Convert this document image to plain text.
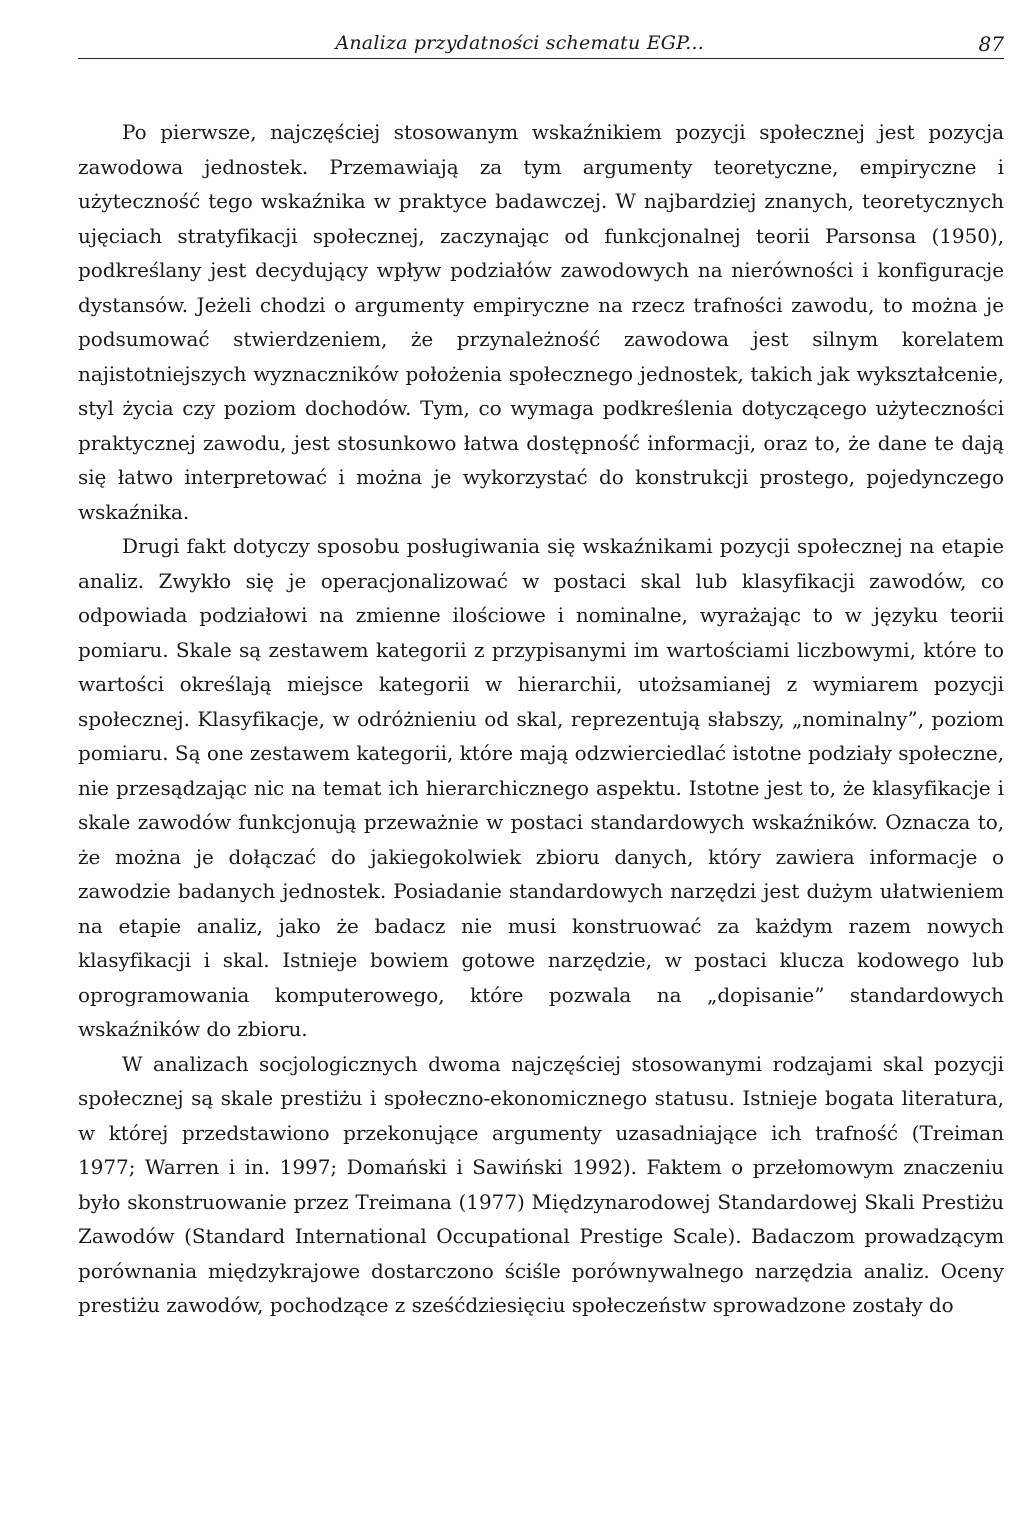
Analiza przydatności schematu EGP...	87

Po pierwsze, najczęściej stosowanym wskaźnikiem pozycji społecznej jest pozycja zawodowa jednostek. Przemawiają za tym argumenty teoretyczne, empiryczne i użyteczność tego wskaźnika w praktyce badawczej. W najbardziej znanych, teoretycznych ujęciach stratyfikacji społecznej, zaczynając od funkcjonalnej teorii Parsonsa (1950), podkreślany jest decydujący wpływ podziałów zawodowych na nierówności i konfiguracje dystansów. Jeżeli chodzi o argumenty empiryczne na rzecz trafności zawodu, to można je podsumować stwierdzeniem, że przynależność zawodowa jest silnym korelatem najistotniejszych wyznaczników położenia społecznego jednostek, takich jak wykształcenie, styl życia czy poziom dochodów. Tym, co wymaga podkreślenia dotyczącego użyteczności praktycznej zawodu, jest stosunkowo łatwa dostępność informacji, oraz to, że dane te dają się łatwo interpretować i można je wykorzystać do konstrukcji prostego, pojedynczego wskaźnika.

Drugi fakt dotyczy sposobu posługiwania się wskaźnikami pozycji społecznej na etapie analiz. Zwykło się je operacjonalizować w postaci skal lub klasyfikacji zawodów, co odpowiada podziałowi na zmienne ilościowe i nominalne, wyrażając to w języku teorii pomiaru. Skale są zestawem kategorii z przypisanymi im wartościami liczbowymi, które to wartości określają miejsce kategorii w hierarchii, utożsamianej z wymiarem pozycji społecznej. Klasyfikacje, w odróżnieniu od skal, reprezentują słabszy, „nominalny”, poziom pomiaru. Są one zestawem kategorii, które mają odzwierciedlać istotne podziały społeczne, nie przesądzając nic na temat ich hierarchicznego aspektu. Istotne jest to, że klasyfikacje i skale zawodów funkcjonują przeważnie w postaci standardowych wskaźników. Oznacza to, że można je dołączać do jakiegokolwiek zbioru danych, który zawiera informacje o zawodzie badanych jednostek. Posiadanie standardowych narzędzi jest dużym ułatwieniem na etapie analiz, jako że badacz nie musi konstruować za każdym razem nowych klasyfikacji i skal. Istnieje bowiem gotowe narzędzie, w postaci klucza kodowego lub oprogramowania komputerowego, które pozwala na „dopisanie” standardowych wskaźników do zbioru.

W analizach socjologicznych dwoma najczęściej stosowanymi rodzajami skal pozycji społecznej są skale prestiżu i społeczno-ekonomicznego statusu. Istnieje bogata literatura, w której przedstawiono przekonujące argumenty uzasadniające ich trafność (Treiman 1977; Warren i in. 1997; Domański i Sawiński 1992). Faktem o przełomowym znaczeniu było skonstruowanie przez Treimana (1977) Międzynarodowej Standardowej Skali Prestiżu Zawodów (Standard International Occupational Prestige Scale). Badaczom prowadzącym porównania międzykrajowe dostarczono ściśle porównywalnego narzędzia analiz. Oceny prestiżu zawodów, pochodzące z sześćdziesięciu społeczeństw sprowadzone zostały do
